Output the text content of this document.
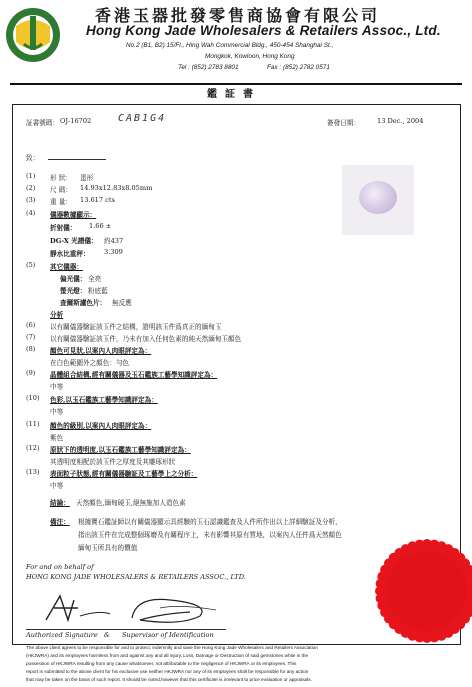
香港玉器批發零售商協會有限公司
Hong Kong Jade Wholesalers & Retailers Assoc., Ltd.
No.2 (B1, B2) 15/Fl., Hing Wah Commercial Bldg., 450-454 Shanghai St.,
Mongkok, Kowloon, Hong Kong
Tel : (852) 2783 8801	Fax : (852) 2782 0571
鑑証書
証書號碼： OJ-16702	CAB1G4	簽發日期：	13 Dec., 2004
致：
(1) 形 狀： 蛋形
(2) 尺 碼： 14.93x12.83x8.05mm
(3) 重 量： 13.617 cts
(4) 儀器數據顯示：
折射儀： 1.66 ±
DG-X 光譜儀： 約437
靜水比重秤： 3.309
(5) 其它儀器：
偏光儀： 全亮
螢光燈： 粉底藍
查爾斯濾色片： 無反應
分析
(6) 以有關儀器驗証該玉件之結構，證明該玉件爲真正的緬甸玉
(7) 以有關儀器驗証該玉件，乃未有加入任何色素的純天然緬甸玉顏色
(8) 顏色可見狀,以案內人肉眼評定為：
在白色範圍外之顏色：勻色
(9) 晶體組合結構,經有關儀器及玉石鑑族工藝學知識評定為：
中等
(10) 色彩,以玉石鑑族工藝學知識評定為：
中等
(11) 顏色的級別,以案內人肉眼評定為：
紫色
(12) 原狀下的透明度,以玉石鑑族工藝學知識評定為：
其透明度相配於該玉件之厚度及其雕琢形狀
(13) 表面粒子狀態,經有關儀器驗証及工藝學上之分析：
中等
結論： 天然顏色,緬甸硬玉,絕無施加人造色素
備注： 根據寶石鑑証師以有關儀器顯示具經驗的玉石認識鑑查及人件所作出以上詳細驗証及分析，
指出該玉件在完成整個琢磨及有關程序上，未有影響其原有質地，以案內人任件爲天然顏色
緬甸玉所具有的價值
For and on behalf of
HONG KONG JADE WHOLESALERS & RETAILERS ASSOC., LTD.
Authorized Signature & Supervisor of Identification
The above client agrees to be responsible for and to protect, indemnify and save the Hong Kong Jade Wholesalers and Retailers Association
(HKJWRA) and its employees harmless from and against any and all injury, Loss, Damage or Destruction of said gemstones while in the
possession of HKJWRA resulting from any cause whatsoever, not attributable to the negligence of HKJWRA or its employees. This
report is submitted to the above client for his exclusive use neither HKJWRA nor any of its employees shall be responsible for any action
that may be taken on the basis of such report. It should be noted,however that this certificate is irrelevant to price evaluation or appraisals.
